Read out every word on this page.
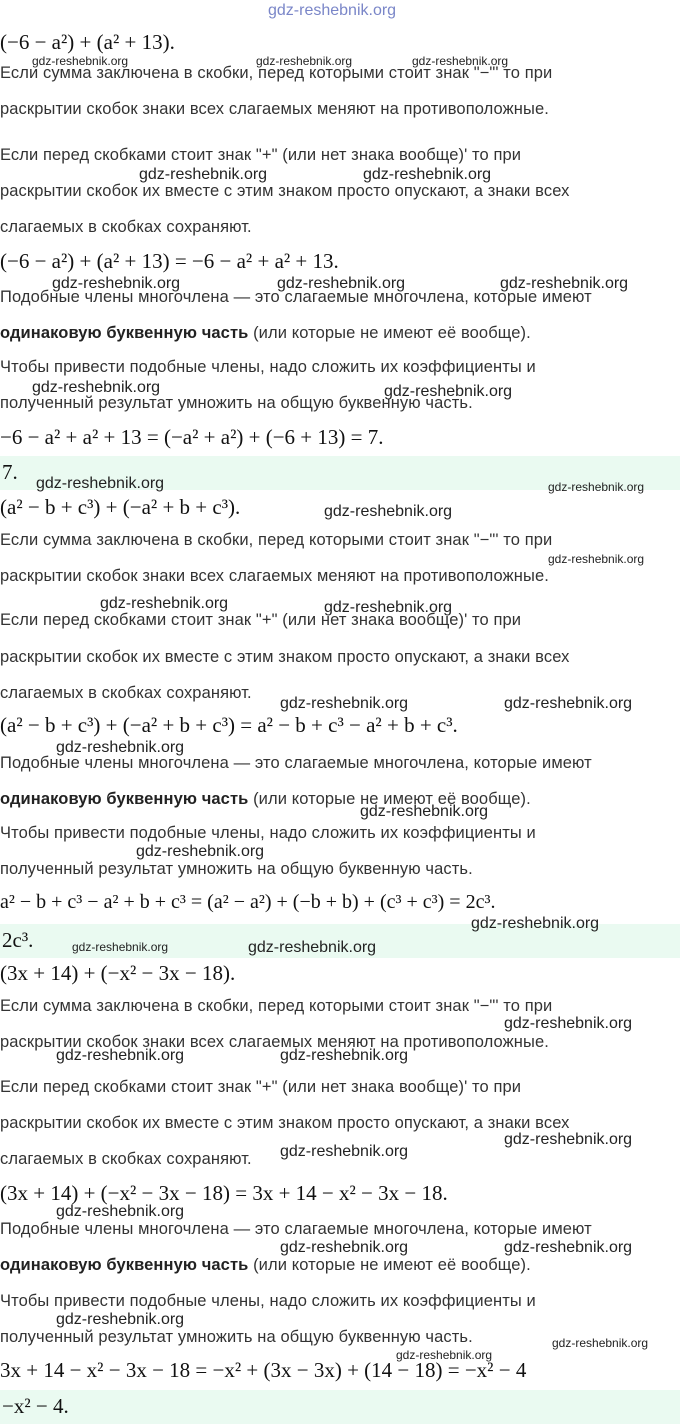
gdz-reshebnik.org
(−6 − a²) + (a² + 13).
Если сумма заключена в скобки, перед которыми стоит знак "−"' то при
раскрытии скобок знаки всех слагаемых меняют на противоположные.
Если перед скобками стоит знак "+" (или нет знака вообще)' то при
раскрытии скобок их вместе с этим знаком просто опускают, а знаки всех
слагаемых в скобках сохраняют.
(−6 − a²) + (a² + 13) = −6 − a² + a² + 13.
Подобные члены многочлена — это слагаемые многочлена, которые имеют
одинаковую буквенную часть (или которые не имеют её вообще).
Чтобы привести подобные члены, надо сложить их коэффициенты и
полученный результат умножить на общую буквенную часть.
−6 − a² + a² + 13 = (−a² + a²) + (−6 + 13) = 7.
7.
(a² − b + c³) + (−a² + b + c³).
Если сумма заключена в скобки, перед которыми стоит знак "−"' то при
раскрытии скобок знаки всех слагаемых меняют на противоположные.
Если перед скобками стоит знак "+" (или нет знака вообще)' то при
раскрытии скобок их вместе с этим знаком просто опускают, а знаки всех
слагаемых в скобках сохраняют.
(a² − b + c³) + (−a² + b + c³) = a² − b + c³ − a² + b + c³.
Подобные члены многочлена — это слагаемые многочлена, которые имеют
одинаковую буквенную часть (или которые не имеют её вообще).
Чтобы привести подобные члены, надо сложить их коэффициенты и
полученный результат умножить на общую буквенную часть.
a² − b + c³ − a² + b + c³ = (a² − a²) + (−b + b) + (c³ + c³) = 2c³.
2c³.
(3x + 14) + (−x² − 3x − 18).
Если сумма заключена в скобки, перед которыми стоит знак "−"' то при
раскрытии скобок знаки всех слагаемых меняют на противоположные.
Если перед скобками стоит знак "+" (или нет знака вообще)' то при
раскрытии скобок их вместе с этим знаком просто опускают, а знаки всех
слагаемых в скобках сохраняют.
(3x + 14) + (−x² − 3x − 18) = 3x + 14 − x² − 3x − 18.
Подобные члены многочлена — это слагаемые многочлена, которые имеют
одинаковую буквенную часть (или которые не имеют её вообще).
Чтобы привести подобные члены, надо сложить их коэффициенты и
полученный результат умножить на общую буквенную часть.
3x + 14 − x² − 3x − 18 = −x² + (3x − 3x) + (14 − 18) = −x² − 4
−x² − 4.
gdz-reshebnik.org	gdz-reshebnik.org	gdz-reshebnik.org
gdz-reshebnik.org	gdz-reshebnik.org
gdz-reshebnik.org	gdz-reshebnik.org	gdz-reshebnik.org
gdz-reshebnik.org	gdz-reshebnik.org
gdz-reshebnik.org	gdz-reshebnik.org
gdz-reshebnik.org
gdz-reshebnik.org
gdz-reshebnik.org	gdz-reshebnik.org
gdz-reshebnik.org	gdz-reshebnik.org
gdz-reshebnik.org
gdz-reshebnik.org
gdz-reshebnik.org
gdz-reshebnik.org
gdz-reshebnik.org	gdz-reshebnik.org
gdz-reshebnik.org
gdz-reshebnik.org	gdz-reshebnik.org
gdz-reshebnik.org
gdz-reshebnik.org
gdz-reshebnik.org
gdz-reshebnik.org	gdz-reshebnik.org
gdz-reshebnik.org
gdz-reshebnik.org
gdz-reshebnik.org
